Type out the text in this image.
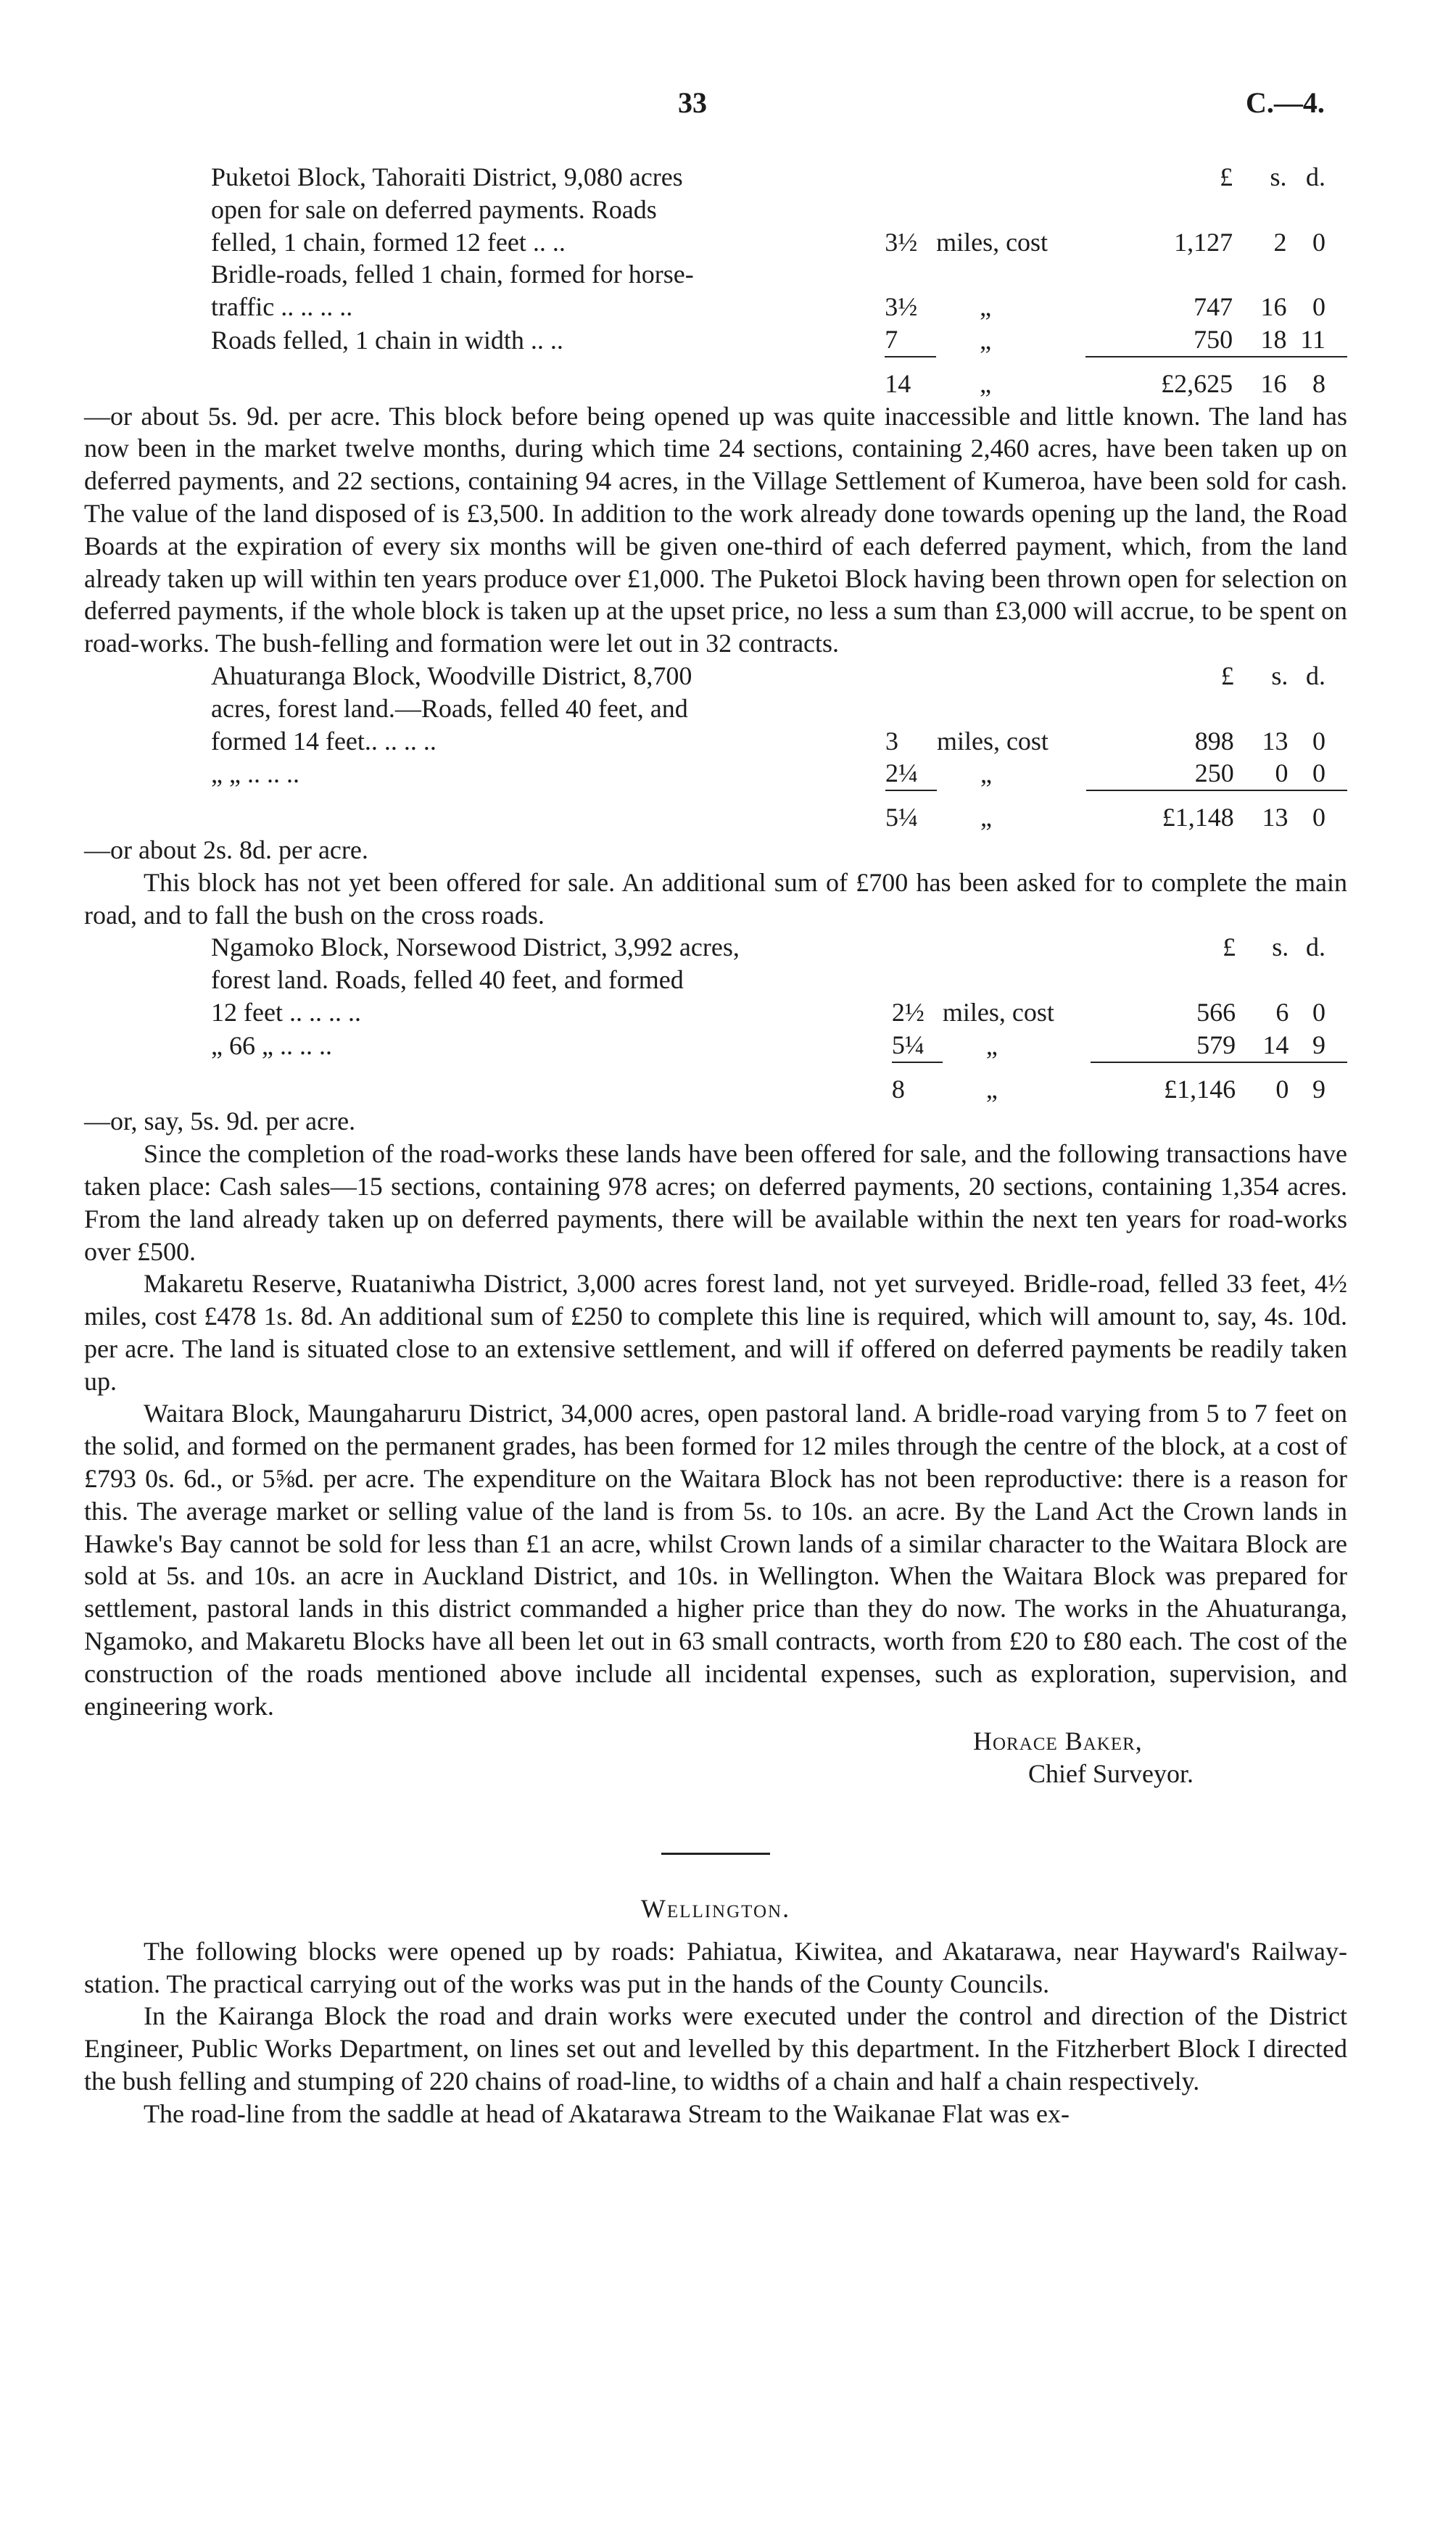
33	C.—4.
Puketoi Block, Tahoraiti District, 9,080 acres			£	s.	d.
open for sale on deferred payments. Roads					
felled, 1 chain, formed 12 feet .. ..	3½	miles, cost	1,127	2	0
Bridle-roads, felled 1 chain, formed for horse-					
traffic .. .. .. ..	3½	„	747	16	0
Roads felled, 1 chain in width .. ..	7	„	750	18	11
	14	„	£2,625	16	8

—or about 5s. 9d. per acre. This block before being opened up was quite inaccessible and little known. The land has now been in the market twelve months, during which time 24 sections, containing 2,460 acres, have been taken up on deferred payments, and 22 sections, containing 94 acres, in the Village Settlement of Kumeroa, have been sold for cash. The value of the land disposed of is £3,500. In addition to the work already done towards opening up the land, the Road Boards at the expiration of every six months will be given one-third of each deferred payment, which, from the land already taken up will within ten years produce over £1,000. The Puketoi Block having been thrown open for selection on deferred payments, if the whole block is taken up at the upset price, no less a sum than £3,000 will accrue, to be spent on road-works. The bush-felling and formation were let out in 32 contracts.

Ahuaturanga Block, Woodville District, 8,700			£	s.	d.
acres, forest land.—Roads, felled 40 feet, and					
formed 14 feet.. .. .. ..	3	miles, cost	898	13	0
„ „ .. .. ..	2¼	„	250	0	0
	5¼	„	£1,148	13	0

—or about 2s. 8d. per acre.

This block has not yet been offered for sale. An additional sum of £700 has been asked for to complete the main road, and to fall the bush on the cross roads.

Ngamoko Block, Norsewood District, 3,992 acres,			£	s.	d.
forest land. Roads, felled 40 feet, and formed					
12 feet .. .. .. ..	2½	miles, cost	566	6	0
„ 66 „ .. .. ..	5¼	„	579	14	9
	8	„	£1,146	0	9

—or, say, 5s. 9d. per acre.

Since the completion of the road-works these lands have been offered for sale, and the following transactions have taken place: Cash sales—15 sections, containing 978 acres; on deferred payments, 20 sections, containing 1,354 acres. From the land already taken up on deferred payments, there will be available within the next ten years for road-works over £500.

Makaretu Reserve, Ruataniwha District, 3,000 acres forest land, not yet surveyed. Bridle-road, felled 33 feet, 4½ miles, cost £478 1s. 8d. An additional sum of £250 to complete this line is required, which will amount to, say, 4s. 10d. per acre. The land is situated close to an extensive settlement, and will if offered on deferred payments be readily taken up.

Waitara Block, Maungaharuru District, 34,000 acres, open pastoral land. A bridle-road varying from 5 to 7 feet on the solid, and formed on the permanent grades, has been formed for 12 miles through the centre of the block, at a cost of £793 0s. 6d., or 5⅝d. per acre. The expenditure on the Waitara Block has not been reproductive: there is a reason for this. The average market or selling value of the land is from 5s. to 10s. an acre. By the Land Act the Crown lands in Hawke's Bay cannot be sold for less than £1 an acre, whilst Crown lands of a similar character to the Waitara Block are sold at 5s. and 10s. an acre in Auckland District, and 10s. in Wellington. When the Waitara Block was prepared for settlement, pastoral lands in this district commanded a higher price than they do now. The works in the Ahuaturanga, Ngamoko, and Makaretu Blocks have all been let out in 63 small contracts, worth from £20 to £80 each. The cost of the construction of the roads mentioned above include all incidental expenses, such as exploration, supervision, and engineering work.

Horace Baker,
Chief Surveyor.
Wellington.

The following blocks were opened up by roads: Pahiatua, Kiwitea, and Akatarawa, near Hayward's Railway-station. The practical carrying out of the works was put in the hands of the County Councils.

In the Kairanga Block the road and drain works were executed under the control and direction of the District Engineer, Public Works Department, on lines set out and levelled by this department. In the Fitzherbert Block I directed the bush felling and stumping of 220 chains of road-line, to widths of a chain and half a chain respectively.

The road-line from the saddle at head of Akatarawa Stream to the Waikanae Flat was ex-
